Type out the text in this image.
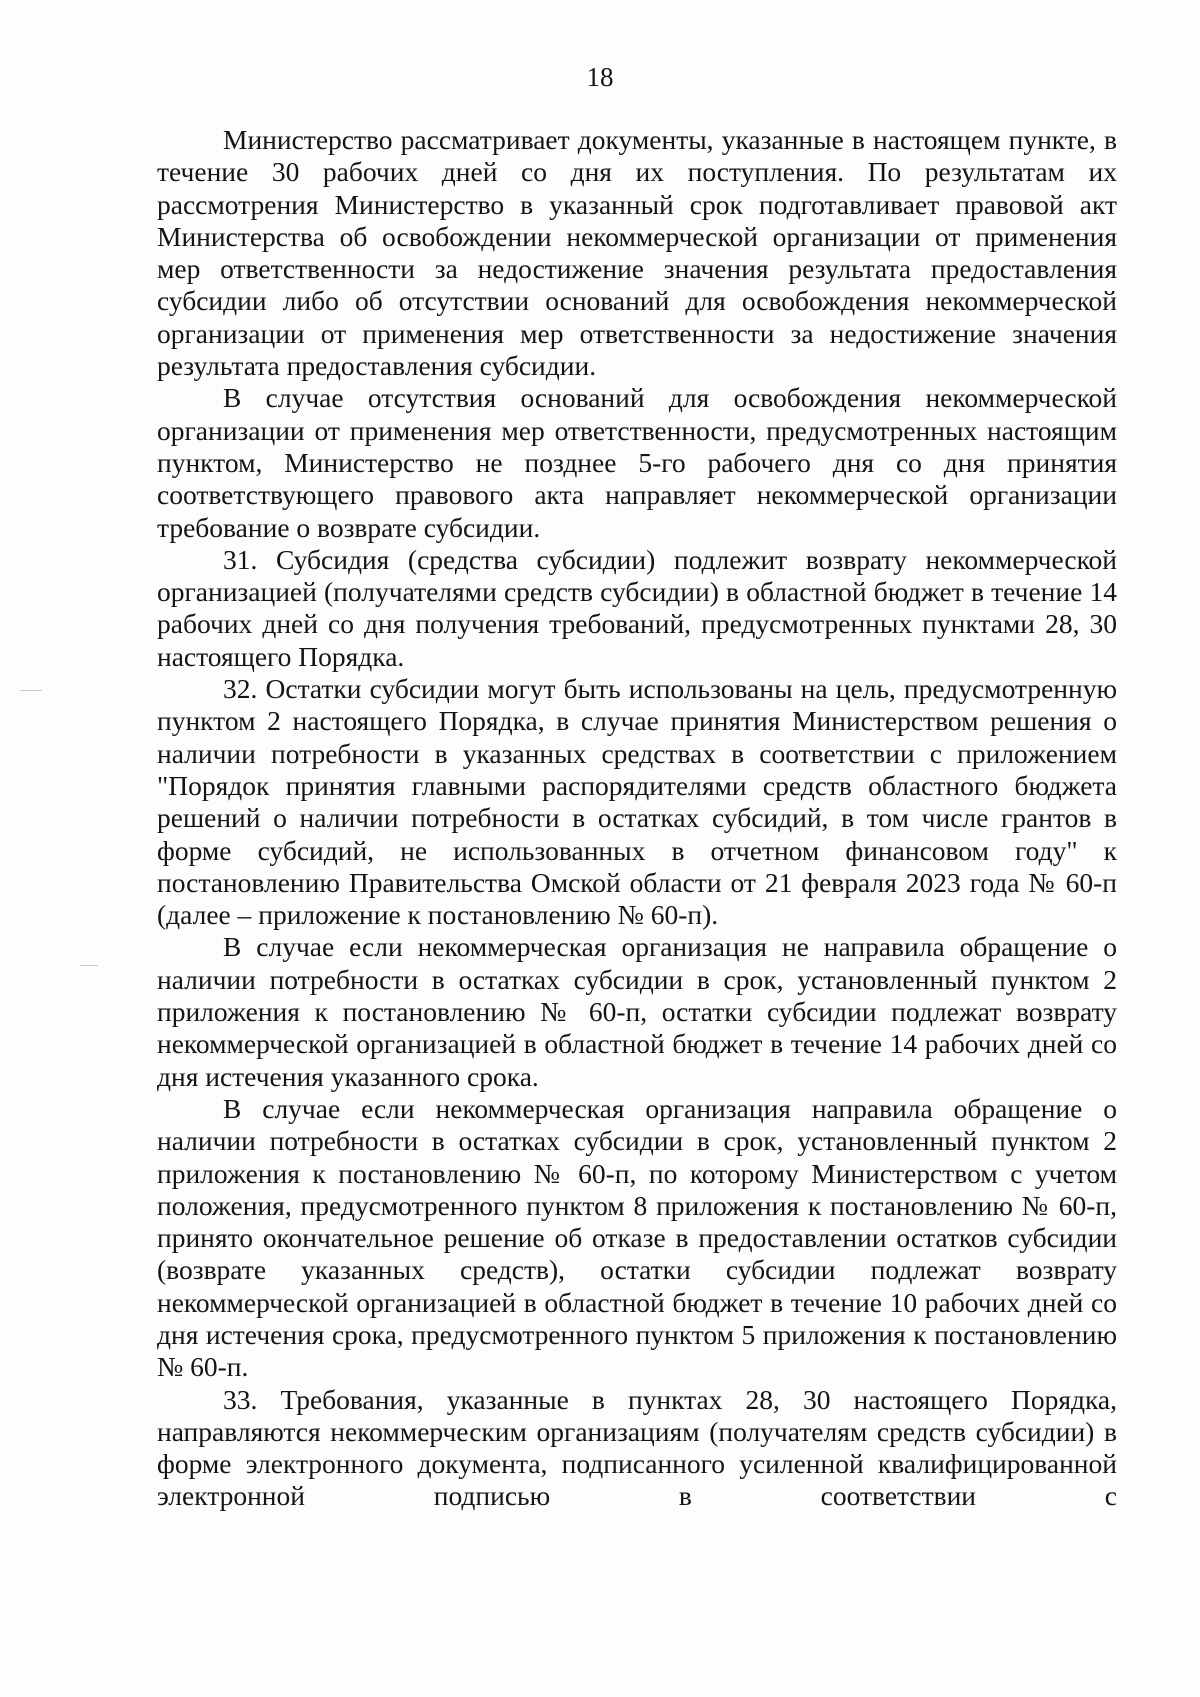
18

Министерство рассматривает документы, указанные в настоящем пункте, в течение 30 рабочих дней со дня их поступления. По результатам их рассмотрения Министерство в указанный срок подготавливает правовой акт Министерства об освобождении некоммерческой организации от применения мер ответственности за недостижение значения результата предоставления субсидии либо об отсутствии оснований для освобождения некоммерческой организации от применения мер ответственности за недостижение значения результата предоставления субсидии.

В случае отсутствия оснований для освобождения некоммерческой организации от применения мер ответственности, предусмотренных настоящим пунктом, Министерство не позднее 5-го рабочего дня со дня принятия соответствующего правового акта направляет некоммерческой организации требование о возврате субсидии.

31. Субсидия (средства субсидии) подлежит возврату некоммерческой организацией (получателями средств субсидии) в областной бюджет в течение 14 рабочих дней со дня получения требований, предусмотренных пунктами 28, 30 настоящего Порядка.

32. Остатки субсидии могут быть использованы на цель, предусмотренную пунктом 2 настоящего Порядка, в случае принятия Министерством решения о наличии потребности в указанных средствах в соответствии с приложением "Порядок принятия главными распорядителями средств областного бюджета решений о наличии потребности в остатках субсидий, в том числе грантов в форме субсидий, не использованных в отчетном финансовом году" к постановлению Правительства Омской области от 21 февраля 2023 года № 60-п (далее – приложение к постановлению № 60-п).

В случае если некоммерческая организация не направила обращение о наличии потребности в остатках субсидии в срок, установленный пунктом 2 приложения к постановлению № 60-п, остатки субсидии подлежат возврату некоммерческой организацией в областной бюджет в течение 14 рабочих дней со дня истечения указанного срока.

В случае если некоммерческая организация направила обращение о наличии потребности в остатках субсидии в срок, установленный пунктом 2 приложения к постановлению № 60-п, по которому Министерством с учетом положения, предусмотренного пунктом 8 приложения к постановлению № 60-п, принято окончательное решение об отказе в предоставлении остатков субсидии (возврате указанных средств), остатки субсидии подлежат возврату некоммерческой организацией в областной бюджет в течение 10 рабочих дней со дня истечения срока, предусмотренного пунктом 5 приложения к постановлению № 60-п.

33. Требования, указанные в пунктах 28, 30 настоящего Порядка, направляются некоммерческим организациям (получателям средств субсидии) в форме электронного документа, подписанного усиленной квалифицированной электронной подписью в соответствии с
